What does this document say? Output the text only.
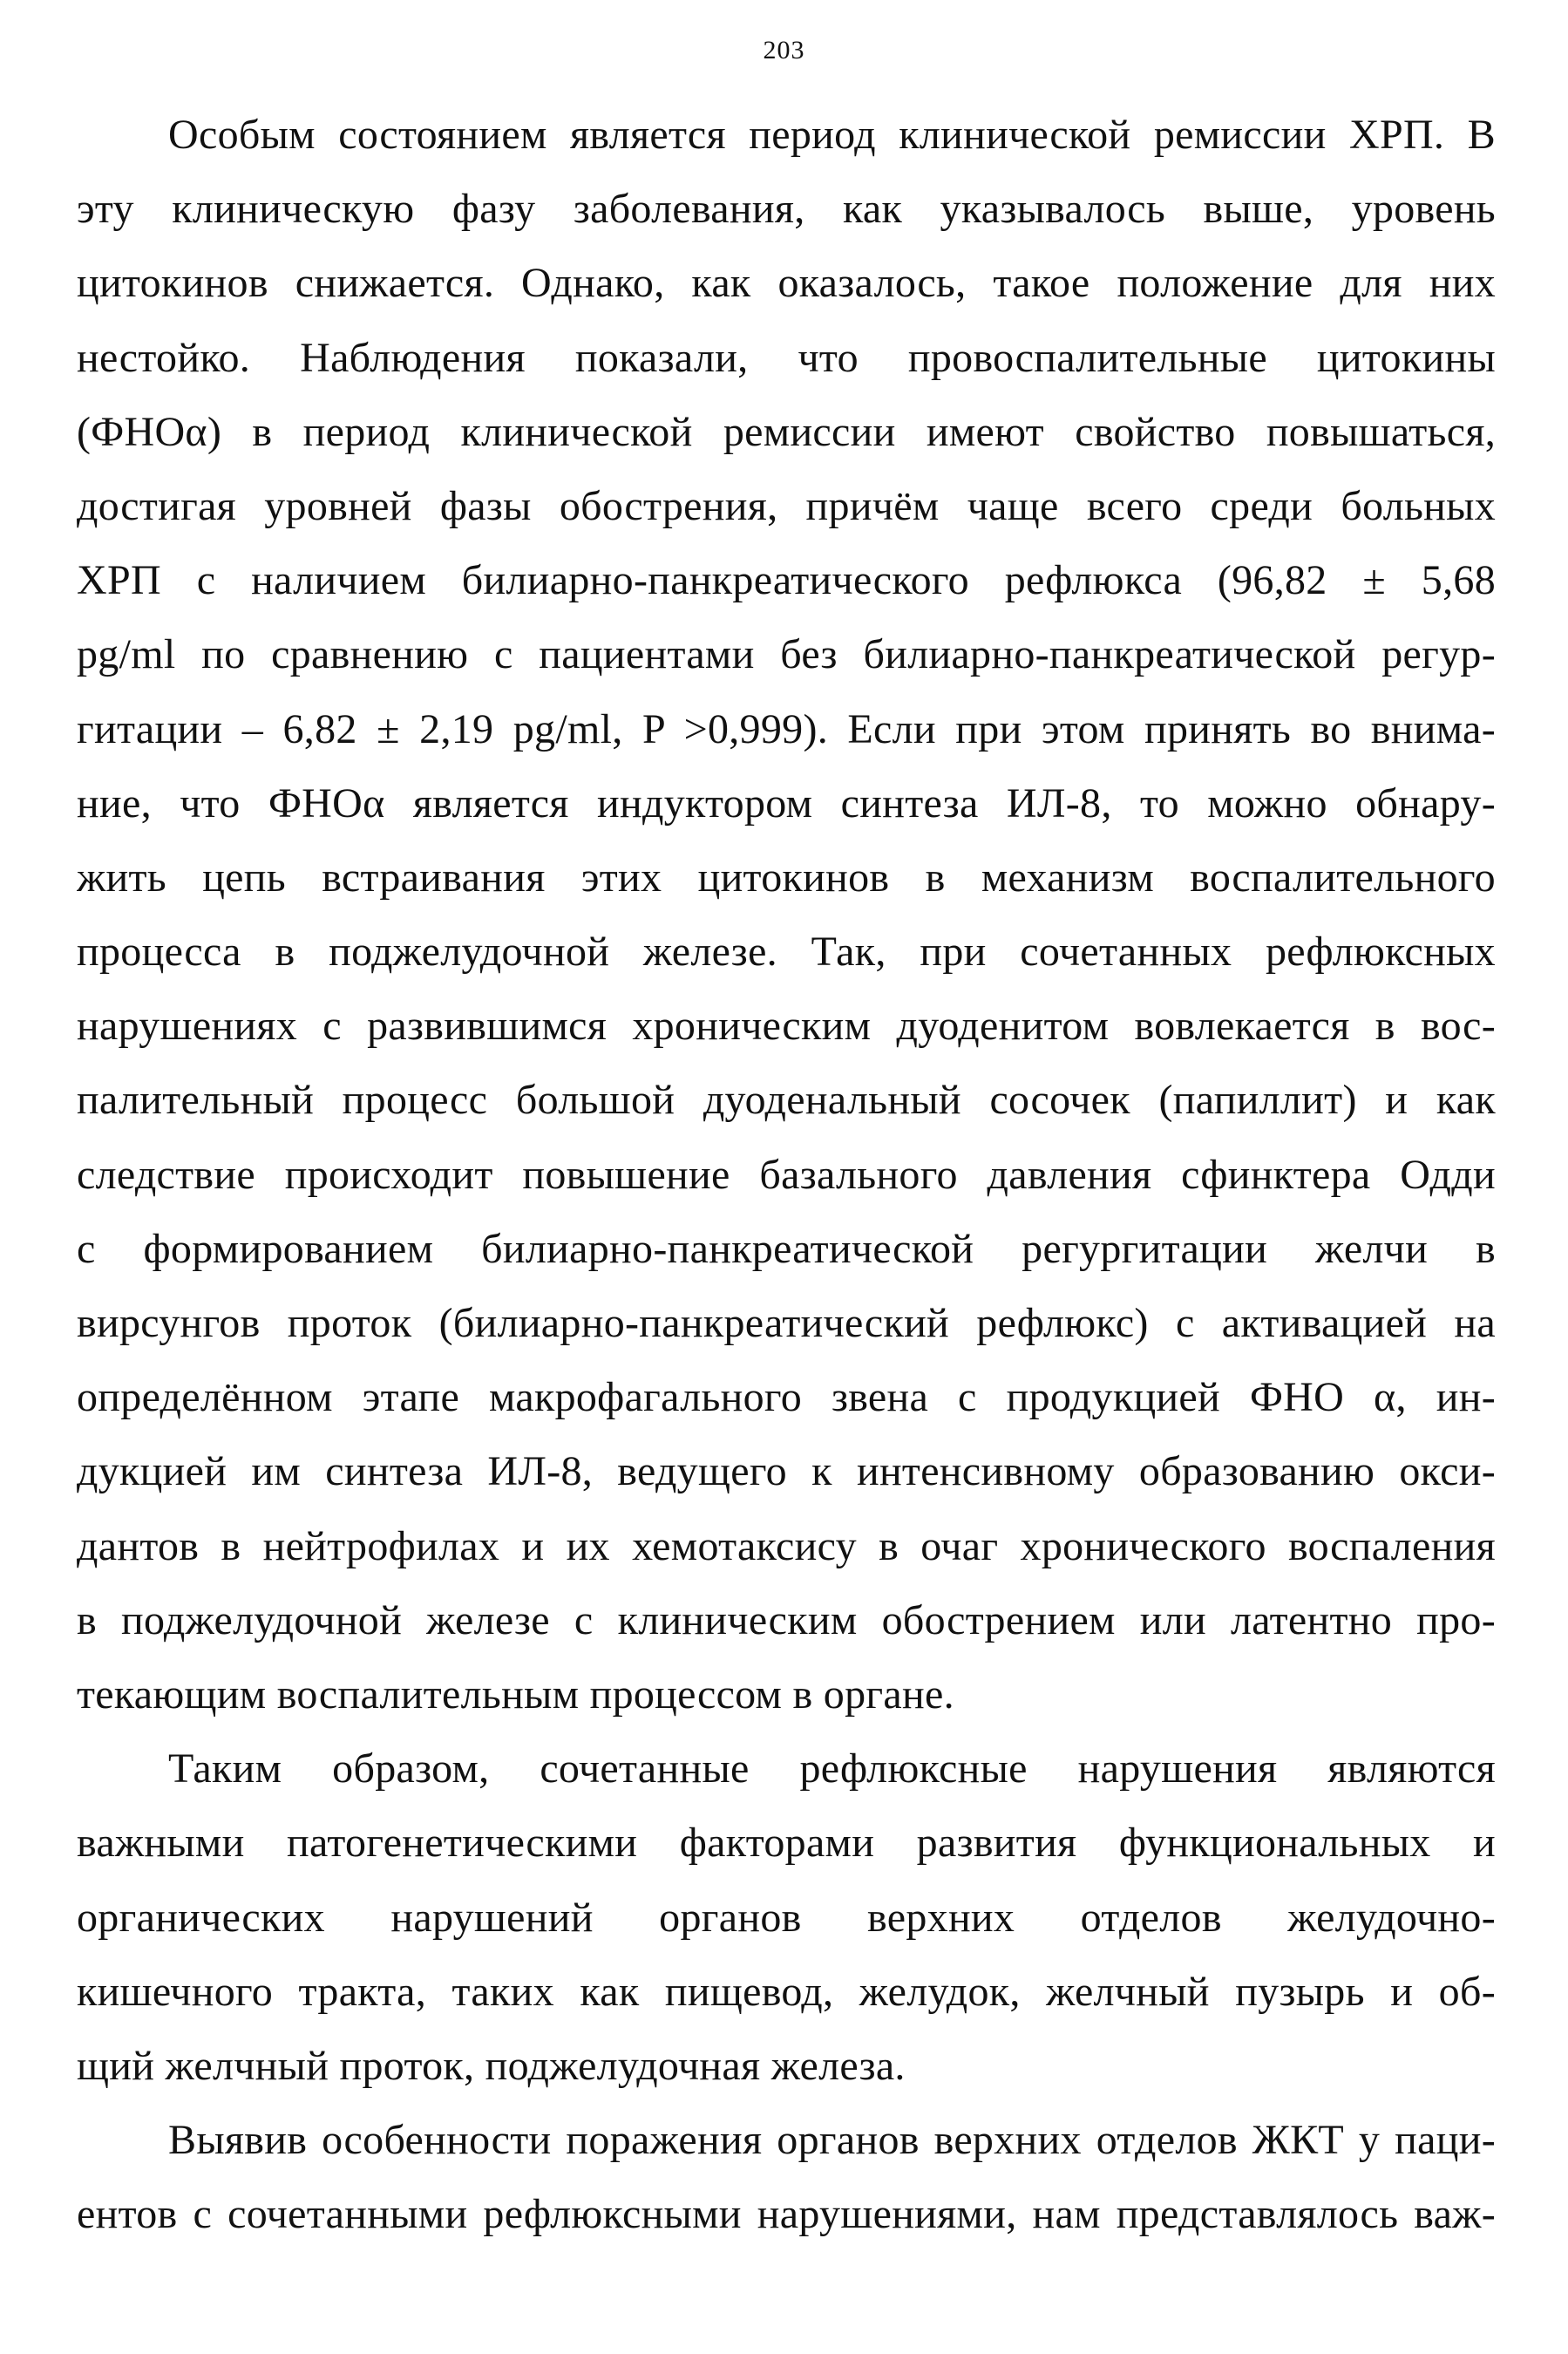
203
Особым состоянием является период клинической ремиссии ХРП. В
эту клиническую фазу заболевания, как указывалось выше, уровень
цитокинов снижается. Однако, как оказалось, такое положение для них
нестойко. Наблюдения показали, что провоспалительные цитокины
(ФНОα) в период клинической ремиссии имеют свойство повышаться,
достигая уровней фазы обострения, причём чаще всего среди больных
ХРП с наличием билиарно-панкреатического рефлюкса (96,82 ± 5,68
pg/ml по сравнению с пациентами без билиарно-панкреатической регур-
гитации – 6,82 ± 2,19 pg/ml, P >0,999). Если при этом принять во внима-
ние, что ФНОα является индуктором синтеза ИЛ-8, то можно обнару-
жить цепь встраивания этих цитокинов в механизм воспалительного
процесса в поджелудочной железе. Так, при сочетанных рефлюксных
нарушениях с развившимся хроническим дуоденитом вовлекается в вос-
палительный процесс большой дуоденальный сосочек (папиллит) и как
следствие происходит повышение базального давления сфинктера Одди
с формированием билиарно-панкреатической регургитации желчи в
вирсунгов проток (билиарно-панкреатический рефлюкс) с активацией на
определённом этапе макрофагального звена с продукцией ФНО α, ин-
дукцией им синтеза ИЛ-8, ведущего к интенсивному образованию окси-
дантов в нейтрофилах и их хемотаксису в очаг хронического воспаления
в поджелудочной железе с клиническим обострением или латентно про-
текающим воспалительным процессом в органе.
Таким образом, сочетанные рефлюксные нарушения являются
важными патогенетическими факторами развития функциональных и
органических нарушений органов верхних отделов желудочно-
кишечного тракта, таких как пищевод, желудок, желчный пузырь и об-
щий желчный проток, поджелудочная железа.
Выявив особенности поражения органов верхних отделов ЖКТ у паци-
ентов с сочетанными рефлюксными нарушениями, нам представлялось важ-
